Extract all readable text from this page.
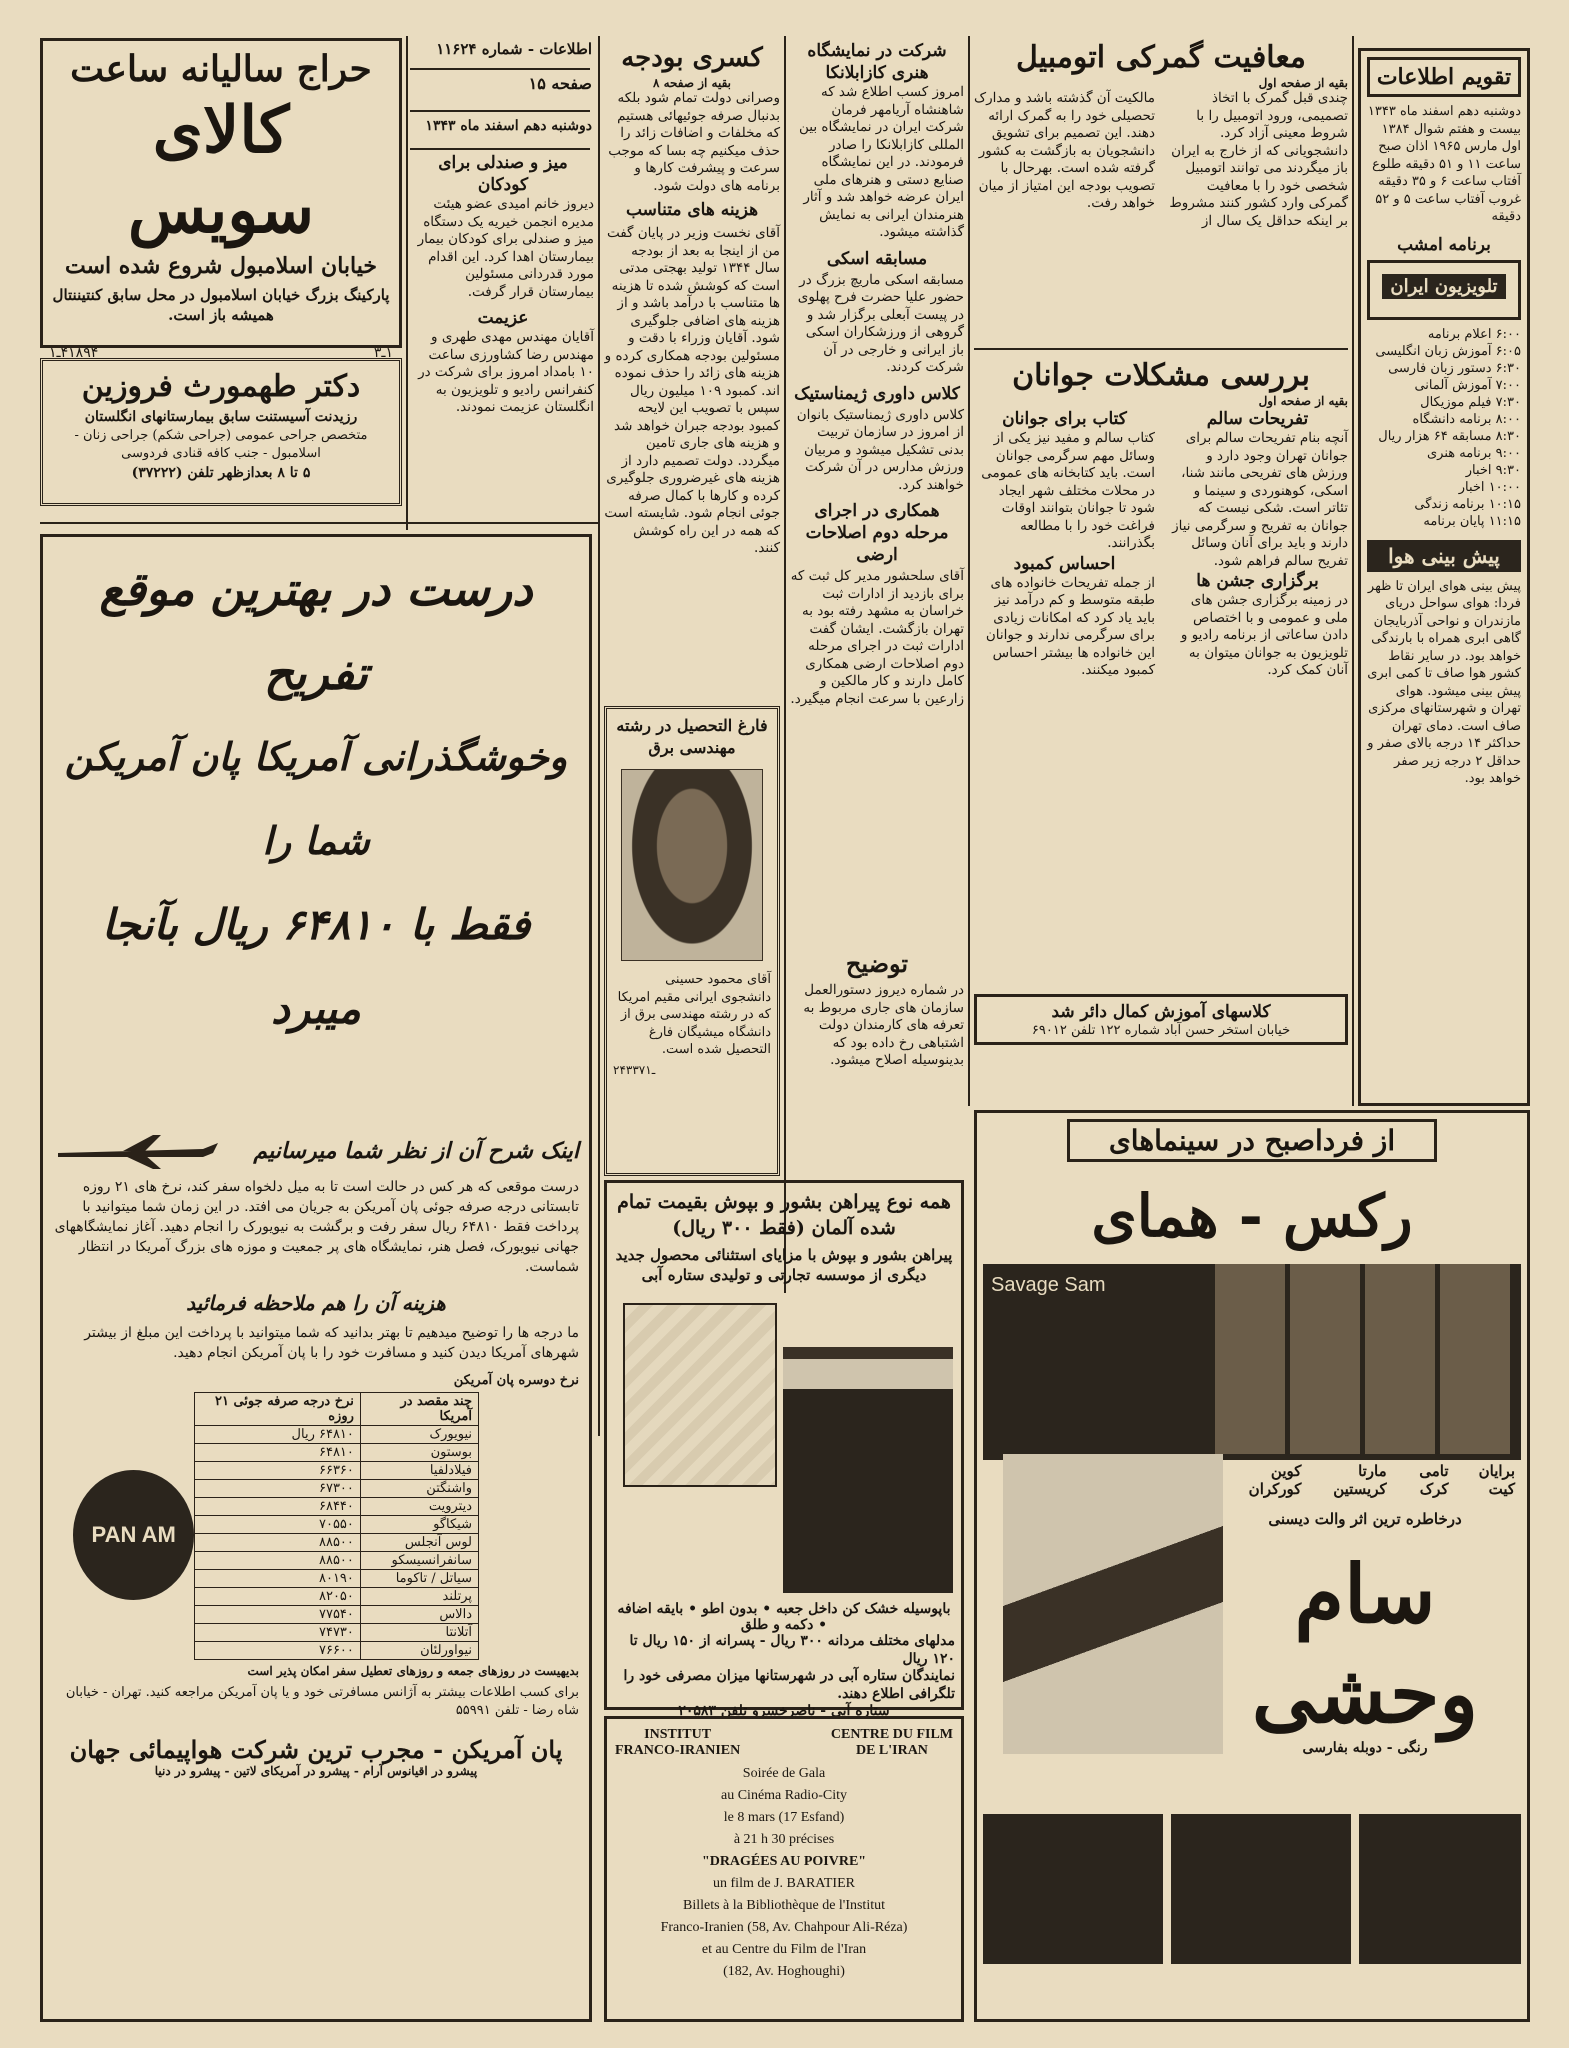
اطلاعات - شماره ۱۱۶۲۴
صفحه ۱۵
دوشنبه دهم اسفند ماه ۱۳۴۳
حراج سالیانه ساعت
کالای سویس
خیابان اسلامبول شروع شده است
پارکینگ بزرگ خیابان اسلامبول در محل سابق کنتیننتال همیشه باز است.
۱ـ۳
۴۱۸۹۴ـ۱
دکتر طهمورث فروزین
رزیدنت آسیستنت سابق بیمارستانهای انگلستان
متخصص جراحی عمومی (جراحی شکم) جراحی زنان - اسلامبول - جنب کافه قنادی فردوسی
۵ تا ۸ بعدازظهر تلفن (۳۷۲۲۲)
میز و صندلی برای کودکان
دیروز خانم امیدی عضو هیئت مدیره انجمن خیریه یک دستگاه میز و صندلی برای کودکان بیمار بیمارستان اهدا کرد. این اقدام مورد قدردانی مسئولین بیمارستان قرار گرفت.
عزیمت
آقایان مهندس مهدی طهری و مهندس رضا کشاورزی ساعت ۱۰ بامداد امروز برای شرکت در کنفرانس رادیو و تلویزیون به انگلستان عزیمت نمودند.
کسری بودجه
بقیه از صفحه ۸
وصرانی دولت تمام شود بلکه بدنبال صرفه جوئیهائی هستیم که مخلفات و اضافات زائد را حذف میکنیم چه بسا که موجب سرعت و پیشرفت کارها و برنامه های دولت شود.
هزینه های متناسب
آقای نخست وزیر در پایان گفت من از اینجا به بعد از بودجه سال ۱۳۴۴ تولید بهجتی مدتی است که کوشش شده تا هزینه ها متناسب با درآمد باشد و از هزینه های اضافی جلوگیری شود. آقایان وزراء با دقت و مسئولین بودجه همکاری کرده و هزینه های زائد را حذف نموده اند. کمبود ۱۰۹ میلیون ریال
سپس با تصویب این لایحه کمبود بودجه جبران خواهد شد و هزینه های جاری تامین میگردد. دولت تصمیم دارد از هزینه های غیرضروری جلوگیری کرده و کارها با کمال صرفه جوئی انجام شود. شایسته است که همه در این راه کوشش کنند.
فارغ التحصیل در رشته مهندسی برق
آقای محمود حسینی دانشجوی ایرانی مقیم امریکا که در رشته مهندسی برق از دانشگاه میشیگان فارغ التحصیل شده است.
۲۴۳۳۷ـ۱
شرکت در نمایشگاه هنری کازابلانکا
امروز کسب اطلاع شد که شاهنشاه آریامهر فرمان شرکت ایران در نمایشگاه بین المللی کازابلانکا را صادر فرمودند. در این نمایشگاه صنایع دستی و هنرهای ملی ایران عرضه خواهد شد و آثار هنرمندان ایرانی به نمایش گذاشته میشود.
مسابقه اسکی
مسابقه اسکی ماریچ بزرگ در حضور علیا حضرت فرح پهلوی در پیست آبعلی برگزار شد و گروهی از ورزشکاران اسکی باز ایرانی و خارجی در آن شرکت کردند.
کلاس داوری ژیمناستیک
کلاس داوری ژیمناستیک بانوان از امروز در سازمان تربیت بدنی تشکیل میشود و مربیان ورزش مدارس در آن شرکت خواهند کرد.
همکاری در اجرای مرحله دوم اصلاحات ارضی
آقای سلحشور مدیر کل ثبت که برای بازدید از ادارات ثبت خراسان به مشهد رفته بود به تهران بازگشت. ایشان گفت ادارات ثبت در اجرای مرحله دوم اصلاحات ارضی همکاری کامل دارند و کار مالکین و زارعین با سرعت انجام میگیرد.
توضیح
در شماره دیروز دستورالعمل سازمان های جاری مربوط به تعرفه های کارمندان دولت اشتباهی رخ داده بود که بدینوسیله اصلاح میشود.
معافیت گمرکی اتومبیل
بقیه از صفحه اول
چندی قبل گمرک با اتخاذ تصمیمی، ورود اتومبیل را با شروط معینی آزاد کرد. دانشجویانی که از خارج به ایران باز میگردند می توانند اتومبیل شخصی خود را با معافیت گمرکی وارد کشور کنند مشروط بر اینکه حداقل یک سال از مالکیت آن گذشته باشد و مدارک تحصیلی خود را به گمرک ارائه دهند. این تصمیم برای تشویق دانشجویان به بازگشت به کشور گرفته شده است. بهرحال با تصویب بودجه این امتیاز از میان خواهد رفت.
بررسی مشکلات جوانان
بقیه از صفحه اول
تفریحات سالم
آنچه بنام تفریحات سالم برای جوانان تهران وجود دارد و ورزش های تفریحی مانند شنا، اسکی، کوهنوردی و سینما و تئاتر است. شکی نیست که جوانان به تفریح و سرگرمی نیاز دارند و باید برای آنان وسائل تفریح سالم فراهم شود.
برگزاری جشن ها
در زمینه برگزاری جشن های ملی و عمومی و با اختصاص دادن ساعاتی از برنامه رادیو و تلویزیون به جوانان میتوان به آنان کمک کرد.
کتاب برای جوانان
کتاب سالم و مفید نیز یکی از وسائل مهم سرگرمی جوانان است. باید کتابخانه های عمومی در محلات مختلف شهر ایجاد شود تا جوانان بتوانند اوقات فراغت خود را با مطالعه بگذرانند.
احساس کمبود
از جمله تفریحات خانواده های طبقه متوسط و کم درآمد نیز باید یاد کرد که امکانات زیادی برای سرگرمی ندارند و جوانان این خانواده ها بیشتر احساس کمبود میکنند.
کلاسهای آموزش کمال دائر شد
خیابان استخر حسن آباد شماره ۱۲۲ تلفن ۶۹۰۱۲
تقویم اطلاعات
دوشنبه دهم اسفند ماه ۱۳۴۳ بیست و هفتم شوال ۱۳۸۴ اول مارس ۱۹۶۵ اذان صبح ساعت ۱۱ و ۵۱ دقیقه طلوع آفتاب ساعت ۶ و ۳۵ دقیقه غروب آفتاب ساعت ۵ و ۵۲ دقیقه
برنامه امشب
تلویزیون ایران
۶:۰۰ اعلام برنامه
۶:۰۵ آموزش زبان انگلیسی
۶:۳۰ دستور زبان فارسی
۷:۰۰ آموزش آلمانی
۷:۳۰ فیلم موزیکال
۸:۰۰ برنامه دانشگاه
۸:۳۰ مسابقه ۶۴ هزار ریال
۹:۰۰ برنامه هنری
۹:۳۰ اخبار
۱۰:۰۰ اخبار
۱۰:۱۵ برنامه زندگی
۱۱:۱۵ پایان برنامه
پیش بینی هوا
پیش بینی هوای ایران تا ظهر فردا: هوای سواحل دریای مازندران و نواحی آذربایجان گاهی ابری همراه با بارندگی خواهد بود. در سایر نقاط کشور هوا صاف تا کمی ابری پیش بینی میشود. هوای تهران و شهرستانهای مرکزی صاف است. دمای تهران حداکثر ۱۴ درجه بالای صفر و حداقل ۲ درجه زیر صفر خواهد بود.
درست در بهترین موقع تفریح
وخوشگذرانی آمریکا پان آمریکن شما را
فقط با ۶۴۸۱۰ ریال بآنجا میبرد
اینک شرح آن از نظر شما میرسانیم
درست موقعی که هر کس در حالت است تا به میل دلخواه سفر کند، نرخ های ۲۱ روزه تابستانی درجه صرفه جوئی پان آمریکن به جریان می افتد. در این زمان شما میتوانید با پرداخت فقط ۶۴۸۱۰ ریال سفر رفت و برگشت به نیویورک را انجام دهید. آغاز نمایشگاههای جهانی نیویورک، فصل هنر، نمایشگاه های پر جمعیت و موزه های بزرگ آمریکا در انتظار شماست.
هزینه آن را هم ملاحظه فرمائید
ما درجه ها را توضیح میدهیم تا بهتر بدانید که شما میتوانید با پرداخت این مبلغ از بیشتر شهرهای آمریکا دیدن کنید و مسافرت خود را با پان آمریکن انجام دهید.
نرخ دوسره پان آمریکن
چند مقصد در آمریکا	نرخ درجه صرفه جوئی ۲۱ روزه
نیویورک	۶۴۸۱۰ ریال
بوستون	۶۴۸۱۰
فیلادلفیا	۶۶۳۶۰
واشنگتن	۶۷۳۰۰
دیترویت	۶۸۴۴۰
شیکاگو	۷۰۵۵۰
لوس آنجلس	۸۸۵۰۰
سانفرانسیسکو	۸۸۵۰۰
سیاتل / تاکوما	۸۰۱۹۰
پرتلند	۸۲۰۵۰
دالاس	۷۷۵۴۰
آتلانتا	۷۴۷۳۰
نیواورلئان	۷۶۶۰۰
PAN AM
بدیهیست در روزهای جمعه و روزهای تعطیل سفر امکان پذیر است
برای کسب اطلاعات بیشتر به آژانس مسافرتی خود و یا پان آمریکن مراجعه کنید. تهران - خیابان شاه رضا - تلفن ۵۵۹۹۱
پان آمریکن - مجرب ترین شرکت هواپیمائی جهان
پیشرو در اقیانوس آرام - پیشرو در آمریکای لاتین - پیشرو در دنیا
همه نوع پیراهن بشور و بپوش بقیمت تمام شده آلمان (فقط ۳۰۰ ریال)
پیراهن بشور و بپوش با مزایای استثنائی محصول جدید دیگری از موسسه تجارتی و تولیدی ستاره آبی
باپوسیله خشک کن داخل جعبه • بدون اطو • بایقه اضافه • دکمه و طلق
مدلهای مختلف مردانه ۳۰۰ ریال - پسرانه از ۱۵۰ ریال تا ۱۲۰ ریال
نمایندگان ستاره آبی در شهرستانها میزان مصرفی خود را تلگرافی اطلاع دهند.
ستاره آبی - ناصرخسرو تلفن ۲۰۵۸۳
INSTITUT
FRANCO-IRANIEN
CENTRE DU FILM
DE L'IRAN
Soirée de Gala
au Cinéma Radio-City
le 8 mars (17 Esfand)
à 21 h 30 précises
"DRAGÉES AU POIVRE"
un film de J. BARATIER
Billets à la Bibliothèque de l'Institut
Franco-Iranien (58, Av. Chahpour Ali-Réza)
et au Centre du Film de l'Iran
(182, Av. Hoghoughi)
از فرداصبح در سینماهای
رکس - همای
Savage Sam
برایان کیت
تامی کرک
مارتا کریستین
کوین کورکران
درخاطره ترین اثر والت دیسنی
سام وحشی
رنگی - دوبله بفارسی
